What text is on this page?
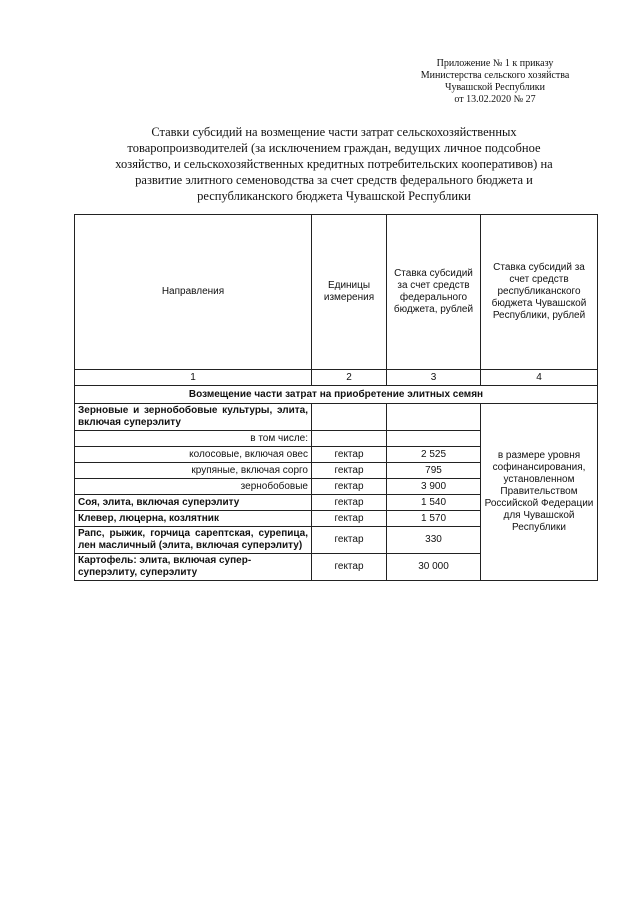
Приложение № 1 к приказу
Министерства сельского хозяйства
Чувашской Республики
от 13.02.2020 № 27
Ставки субсидий на возмещение части затрат сельскохозяйственных
товаропроизводителей (за исключением граждан, ведущих личное подсобное
хозяйство, и сельскохозяйственных кредитных потребительских кооперативов) на
развитие элитного семеноводства за счет средств федерального бюджета и
республиканского бюджета Чувашской Республики
Направления	Единицы измерения	Ставка субсидий за счет средств федерального бюджета, рублей	Ставка субсидий за счет средств республиканского бюджета Чувашской Республики, рублей
1	2	3	4
Возмещение части затрат на приобретение элитных семян			
Зерновые и зернобобовые культуры, элита, включая суперэлиту			в размере уровня софинансирования, установленном Правительством Российской Федерации для Чувашской Республики
в том числе:			
колосовые, включая овес	гектар	2 525	
крупяные, включая сорго	гектар	795	
зернобобовые	гектар	3 900	
Соя, элита, включая суперэлиту	гектар	1 540	
Клевер, люцерна, козлятник	гектар	1 570	
Рапс, рыжик, горчица сарептская, сурепица, лен масличный (элита, включая суперэлиту)	гектар	330	
Картофель: элита, включая супер-суперэлиту, суперэлиту	гектар	30 000	
